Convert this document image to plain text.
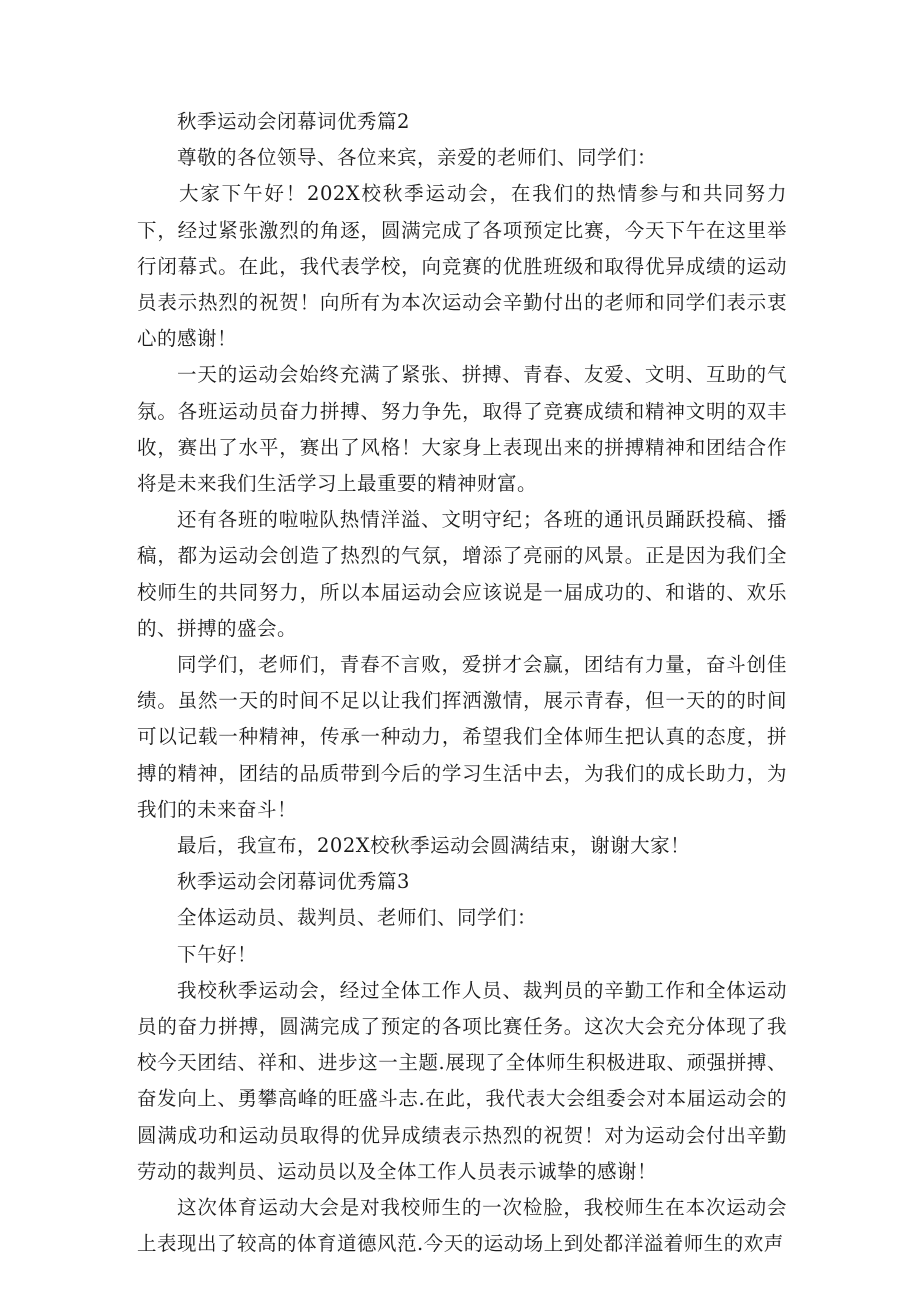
秋季运动会闭幕词优秀篇2

尊敬的各位领导、各位来宾，亲爱的老师们、同学们：

大家下午好！202X校秋季运动会，在我们的热情参与和共同努力下，经过紧张激烈的角逐，圆满完成了各项预定比赛，今天下午在这里举行闭幕式。在此，我代表学校，向竞赛的优胜班级和取得优异成绩的运动员表示热烈的祝贺！向所有为本次运动会辛勤付出的老师和同学们表示衷心的感谢！

一天的运动会始终充满了紧张、拼搏、青春、友爱、文明、互助的气氛。各班运动员奋力拼搏、努力争先，取得了竞赛成绩和精神文明的双丰收，赛出了水平，赛出了风格！大家身上表现出来的拼搏精神和团结合作将是未来我们生活学习上最重要的精神财富。

还有各班的啦啦队热情洋溢、文明守纪；各班的通讯员踊跃投稿、播稿，都为运动会创造了热烈的气氛，增添了亮丽的风景。正是因为我们全校师生的共同努力，所以本届运动会应该说是一届成功的、和谐的、欢乐的、拼搏的盛会。

同学们，老师们，青春不言败，爱拼才会赢，团结有力量，奋斗创佳绩。虽然一天的时间不足以让我们挥洒激情，展示青春，但一天的的时间可以记载一种精神，传承一种动力，希望我们全体师生把认真的态度，拼搏的精神，团结的品质带到今后的学习生活中去，为我们的成长助力，为我们的未来奋斗！

最后，我宣布，202X校秋季运动会圆满结束，谢谢大家！

秋季运动会闭幕词优秀篇3

全体运动员、裁判员、老师们、同学们：

下午好！

我校秋季运动会，经过全体工作人员、裁判员的辛勤工作和全体运动员的奋力拼搏，圆满完成了预定的各项比赛任务。这次大会充分体现了我校今天团结、祥和、进步这一主题.展现了全体师生积极进取、顽强拼搏、奋发向上、勇攀高峰的旺盛斗志.在此，我代表大会组委会对本届运动会的圆满成功和运动员取得的优异成绩表示热烈的祝贺！对为运动会付出辛勤劳动的裁判员、运动员以及全体工作人员表示诚挚的感谢！

这次体育运动大会是对我校师生的一次检脸，我校师生在本次运动会上表现出了较高的体育道德风范.今天的运动场上到处都洋溢着师生的欢声
